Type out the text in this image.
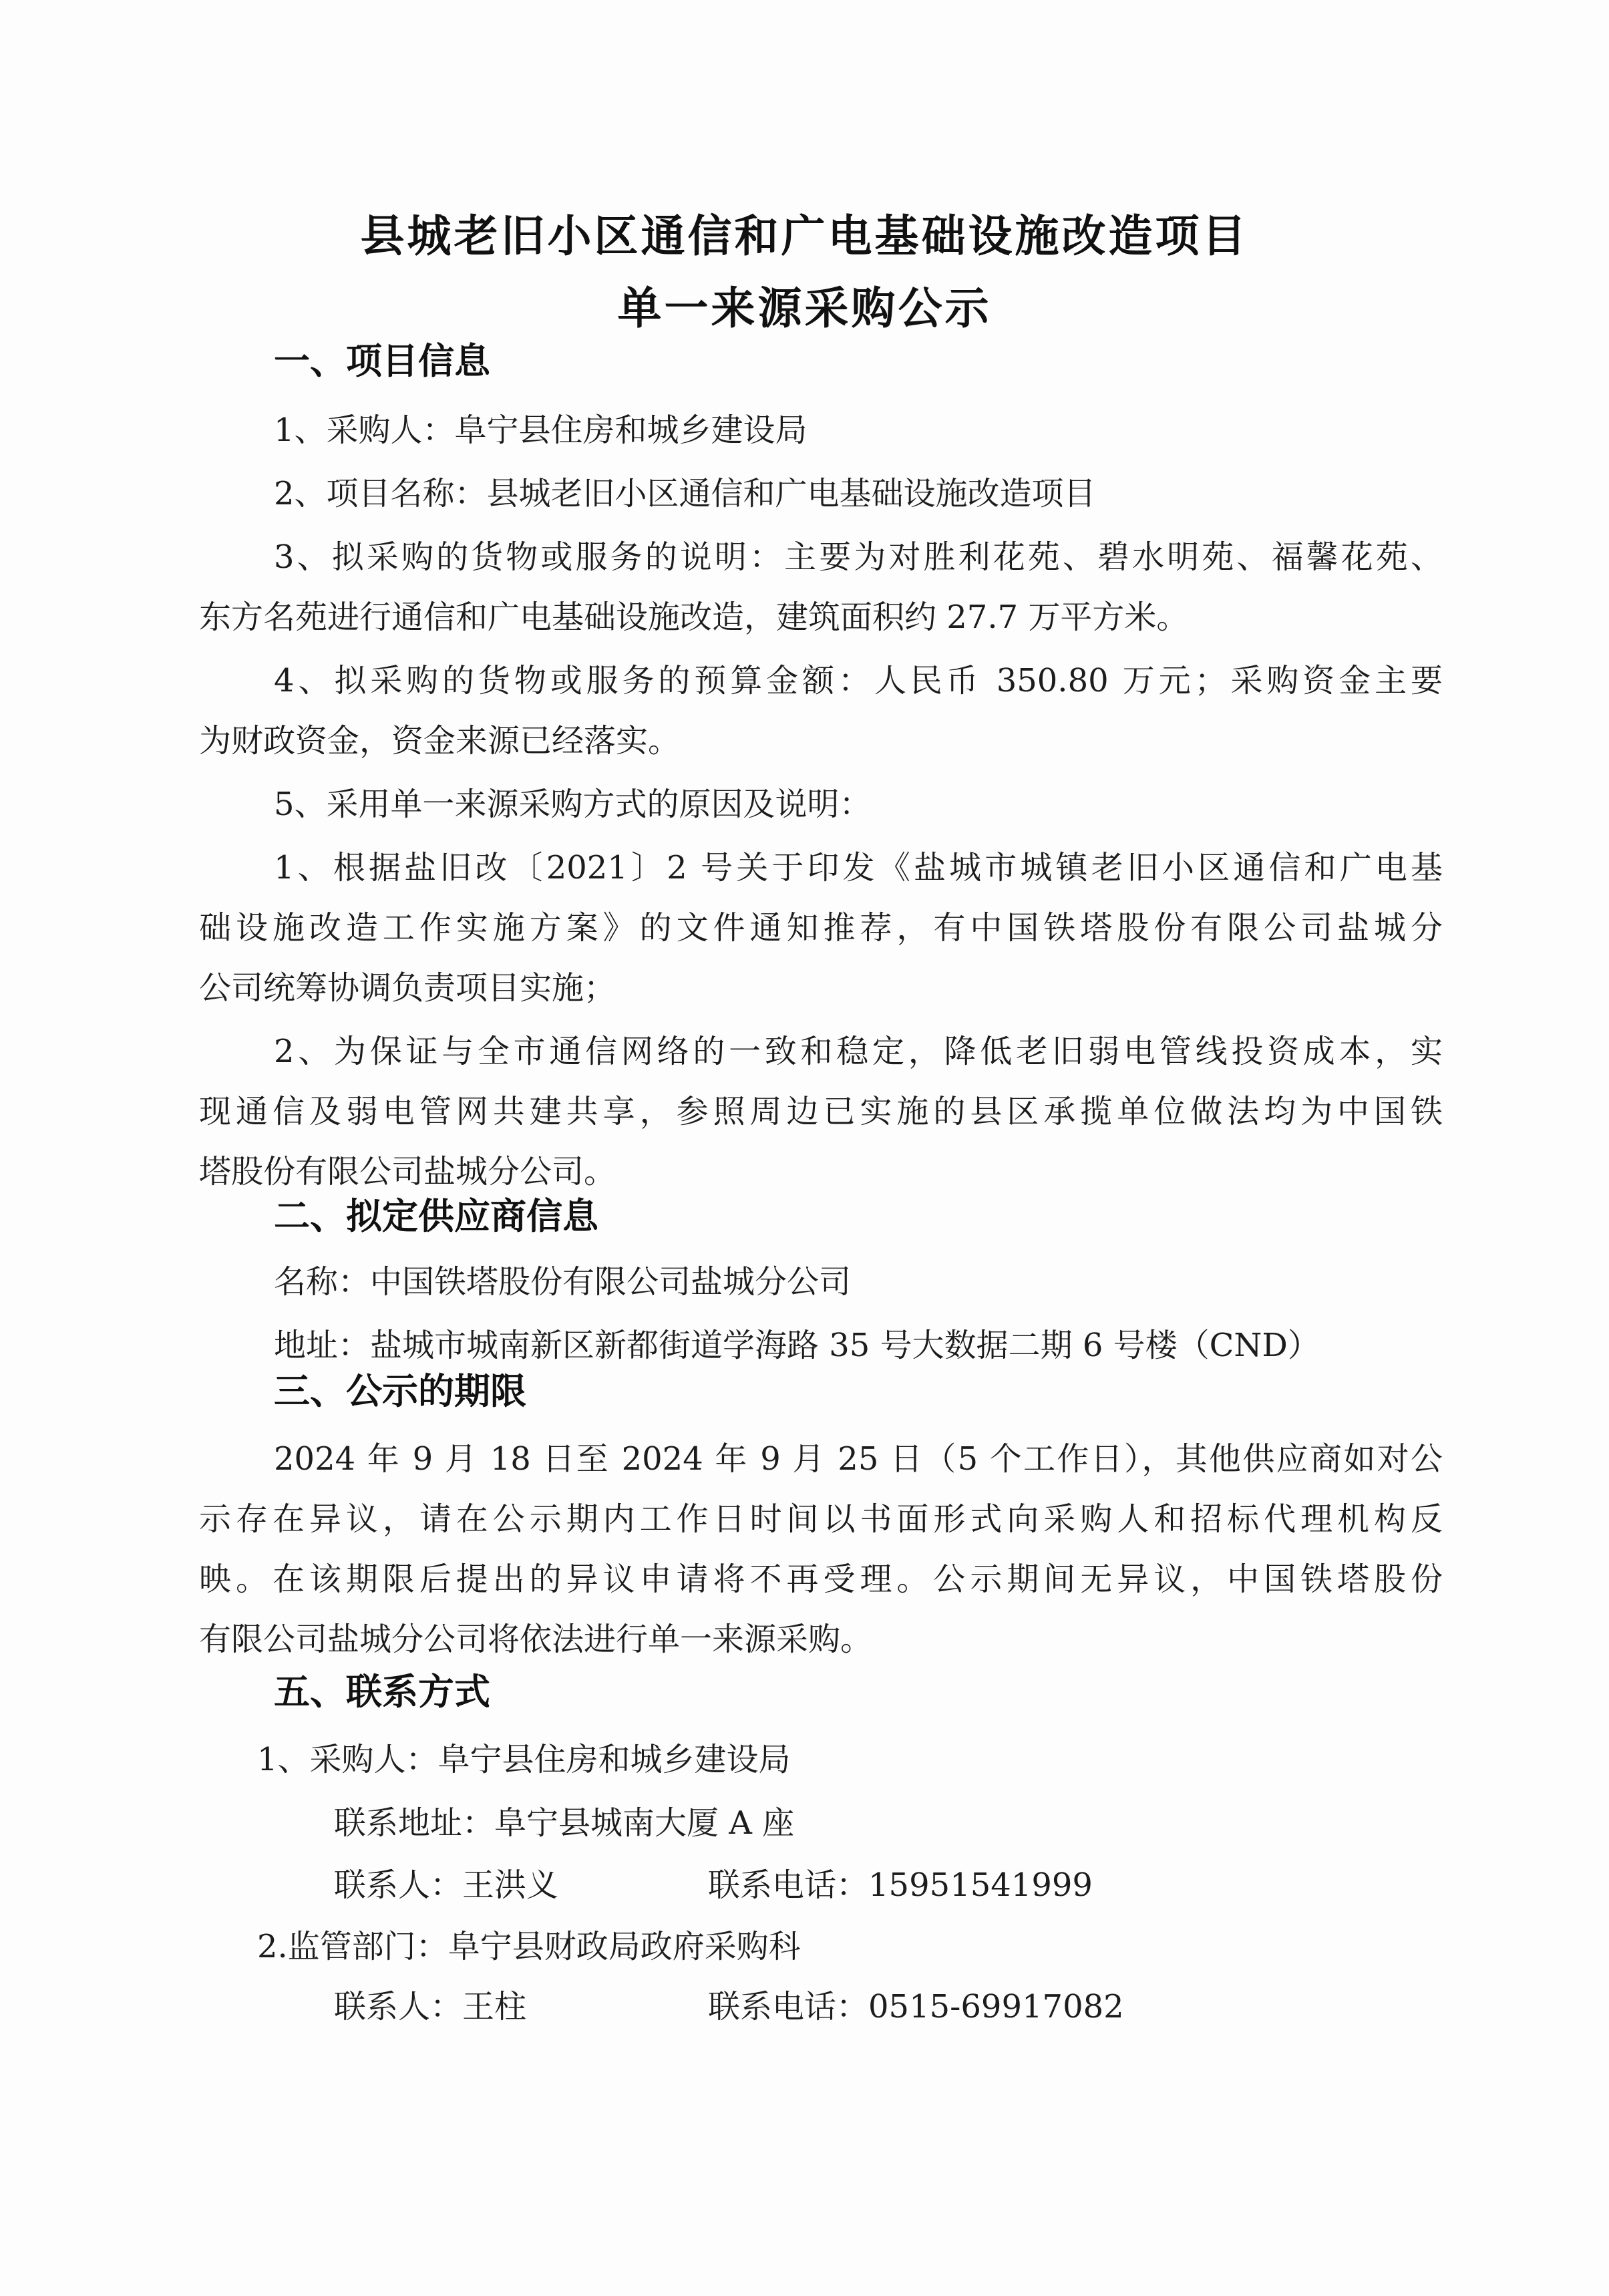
县城老旧小区通信和广电基础设施改造项目
单一来源采购公示
一、项目信息
1、采购人：阜宁县住房和城乡建设局
2、项目名称：县城老旧小区通信和广电基础设施改造项目
3、拟采购的货物或服务的说明：主要为对胜利花苑、碧水明苑、福馨花苑、
东方名苑进行通信和广电基础设施改造，建筑面积约 27.7 万平方米。
4、拟采购的货物或服务的预算金额：人民币 350.80 万元；采购资金主要
为财政资金，资金来源已经落实。
5、采用单一来源采购方式的原因及说明：
1、根据盐旧改〔2021〕2 号关于印发《盐城市城镇老旧小区通信和广电基
础设施改造工作实施方案》的文件通知推荐，有中国铁塔股份有限公司盐城分
公司统筹协调负责项目实施；
2、为保证与全市通信网络的一致和稳定，降低老旧弱电管线投资成本，实
现通信及弱电管网共建共享，参照周边已实施的县区承揽单位做法均为中国铁
塔股份有限公司盐城分公司。
二、拟定供应商信息
名称：中国铁塔股份有限公司盐城分公司
地址：盐城市城南新区新都街道学海路 35 号大数据二期 6 号楼（CND）
三、公示的期限
2024 年 9 月 18 日至 2024 年 9 月 25 日（5 个工作日），其他供应商如对公
示存在异议，请在公示期内工作日时间以书面形式向采购人和招标代理机构反
映。在该期限后提出的异议申请将不再受理。公示期间无异议，中国铁塔股份
有限公司盐城分公司将依法进行单一来源采购。
五、联系方式
1、采购人：阜宁县住房和城乡建设局
联系地址：阜宁县城南大厦 A 座
联系人：王洪义	联系电话：15951541999
2.监管部门：阜宁县财政局政府采购科
联系人：王柱	联系电话：0515-69917082
